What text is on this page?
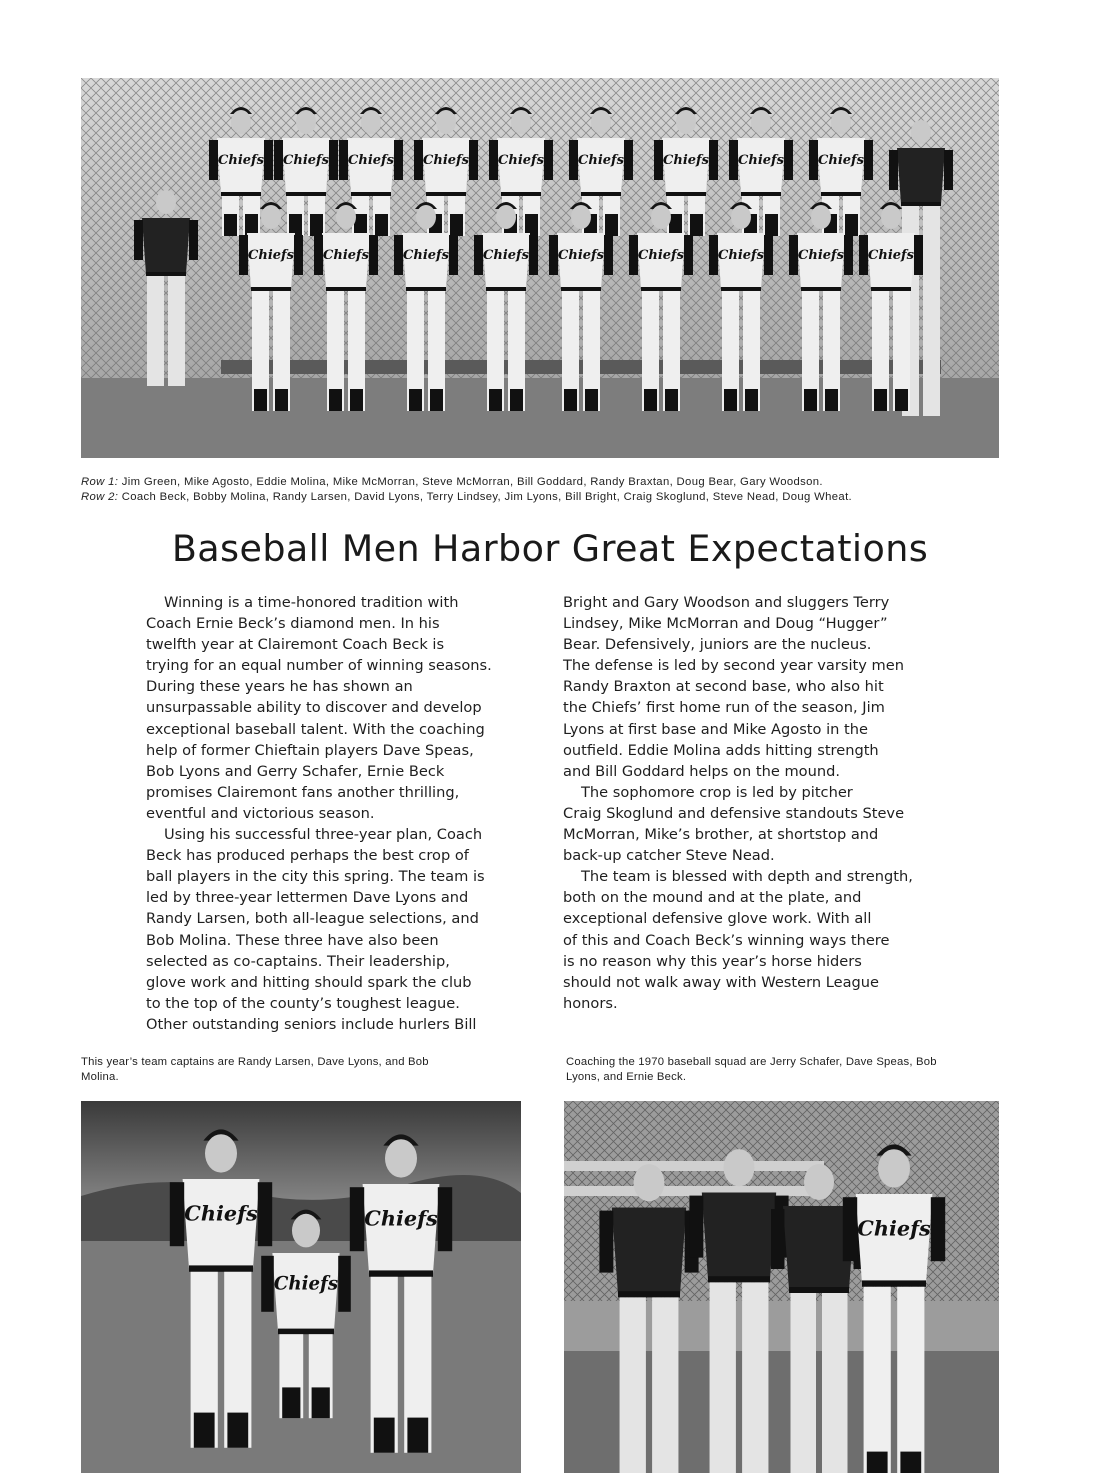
Chiefs Chiefs Chiefs Chiefs Chiefs	Chiefs	Chiefs Chiefs	Chiefs
Chiefs Chiefs	Chiefs	Chiefs Chiefs	Chiefs	Chiefs	Chiefs Chiefs
Row 1: Jim Green, Mike Agosto, Eddie Molina, Mike McMorran, Steve McMorran, Bill Goddard, Randy Braxtan, Doug Bear, Gary Woodson.
Row 2: Coach Beck, Bobby Molina, Randy Larsen, David Lyons, Terry Lindsey, Jim Lyons, Bill Bright, Craig Skoglund, Steve Nead, Doug Wheat.
Baseball Men Harbor Great Expectations
Winning is a time-honored tradition with
Coach Ernie Beck’s diamond men. In his
twelfth year at Clairemont Coach Beck is
trying for an equal number of winning seasons.
During these years he has shown an
unsurpassable ability to discover and develop
exceptional baseball talent. With the coaching
help of former Chieftain players Dave Speas,
Bob Lyons and Gerry Schafer, Ernie Beck
promises Clairemont fans another thrilling,
eventful and victorious season.
Using his successful three-year plan, Coach
Beck has produced perhaps the best crop of
ball players in the city this spring. The team is
led by three-year lettermen Dave Lyons and
Randy Larsen, both all-league selections, and
Bob Molina. These three have also been
selected as co-captains. Their leadership,
glove work and hitting should spark the club
to the top of the county’s toughest league.
Other outstanding seniors include hurlers Bill
Bright and Gary Woodson and sluggers Terry
Lindsey, Mike McMorran and Doug “Hugger”
Bear. Defensively, juniors are the nucleus.
The defense is led by second year varsity men
Randy Braxton at second base, who also hit
the Chiefs’ first home run of the season, Jim
Lyons at first base and Mike Agosto in the
outfield. Eddie Molina adds hitting strength
and Bill Goddard helps on the mound.
The sophomore crop is led by pitcher
Craig Skoglund and defensive standouts Steve
McMorran, Mike’s brother, at shortstop and
back-up catcher Steve Nead.
The team is blessed with depth and strength,
both on the mound and at the plate, and
exceptional defensive glove work. With all
of this and Coach Beck’s winning ways there
is no reason why this year’s horse hiders
should not walk away with Western League
honors.
This year’s team captains are Randy Larsen, Dave Lyons, and Bob
Molina.
Coaching the 1970 baseball squad are Jerry Schafer, Dave Speas, Bob
Lyons, and Ernie Beck.
Chiefs
Chiefs
Chiefs	Chiefs
